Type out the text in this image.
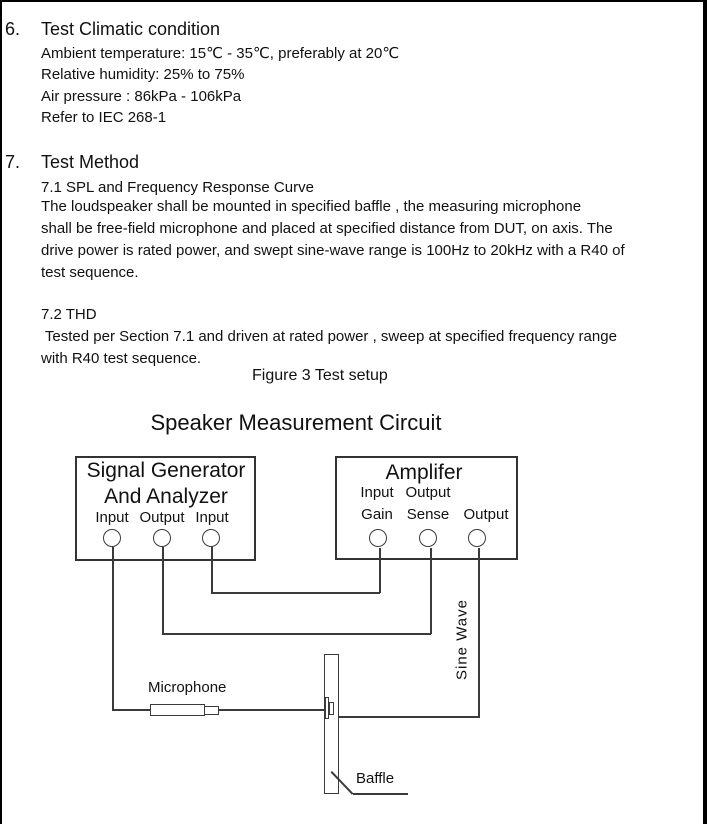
6. Test Climatic condition
Ambient temperature: 15℃ - 35℃, preferably at 20℃
Relative humidity: 25% to 75%
Air pressure : 86kPa - 106kPa
Refer to IEC 268-1
7. Test Method
7.1 SPL and Frequency Response Curve
The loudspeaker shall be mounted in specified baffle , the measuring microphone
shall be free-field microphone and placed at specified distance from DUT, on axis. The
drive power is rated power, and swept sine-wave range is 100Hz to 20kHz with a R40 of
test sequence.
7.2 THD
Tested per Section 7.1 and driven at rated power , sweep at specified frequency range
with R40 test sequence.
Figure 3 Test setup
Speaker Measurement Circuit
Signal Generator
And Analyzer
Input Output Input
Amplifer
Input Output
Gain Sense Output
Sine Wave
Microphone
Baffle
